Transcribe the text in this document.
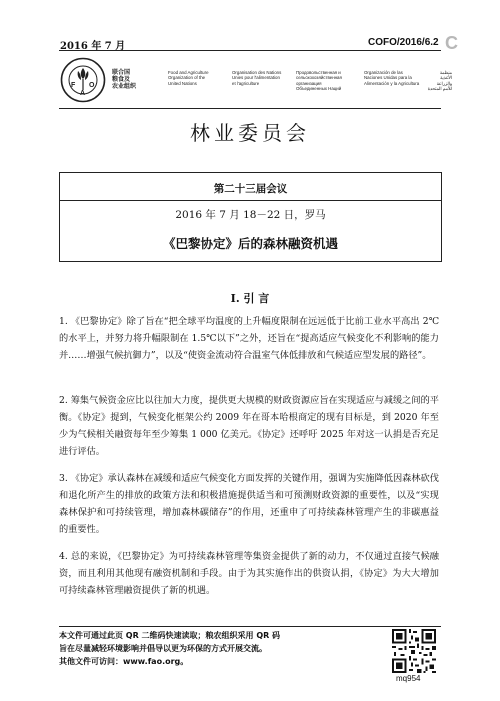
2016 年 7 月	COFO/2016/6.2 C
F O
A
联合国
粮食及
农业组织
Food and Agriculture
Organization of the
United Nations
Organisation des Nations
Unies pour l'alimentation
et l'agriculture
Продовольственная и
сельскохозяйственная организация
Объединенных Наций
Organización de las
Naciones Unidas para la
Alimentación y la Agricultura
منظمة
الأغذية والزراعة
للأمم المتحدة
林业委员会
第二十三届会议
2016 年 7 月 18－22 日，罗马
《巴黎协定》后的森林融资机遇
I. 引 言

1. 《巴黎协定》除了旨在“把全球平均温度的上升幅度限制在远远低于比前工业水平高出 2℃的水平上，并努力将升幅限制在 1.5℃以下”之外，还旨在“提高适应气候变化不利影响的能力并……增强气候抗御力”，以及“使资金流动符合温室气体低排放和气候适应型发展的路径”。

2. 筹集气候资金应比以往加大力度，提供更大规模的财政资源应旨在实现适应与减缓之间的平衡。《协定》提到，气候变化框架公约 2009 年在哥本哈根商定的现有目标是，到 2020 年至少为气候相关融资每年至少筹集 1 000 亿美元。《协定》还呼吁 2025 年对这一认捐是否充足进行评估。

3. 《协定》承认森林在减缓和适应气候变化方面发挥的关键作用，强调为实施降低因森林砍伐和退化所产生的排放的政策方法和积极措施提供适当和可预测财政资源的重要性，以及“实现森林保护和可持续管理，增加森林碳储存”的作用，还重申了可持续森林管理产生的非碳惠益的重要性。

4. 总的来说，《巴黎协定》为可持续森林管理等集资金提供了新的动力，不仅通过直接气候融资，而且利用其他现有融资机制和手段。由于为其实施作出的供资认捐，《协定》为大大增加可持续森林管理融资提供了新的机遇。

本文件可通过此页 QR 二维码快速读取；粮农组织采用 QR 码
旨在尽量减轻环境影响并倡导以更为环保的方式开展交流。
其他文件可访问：www.fao.org。
mq954
